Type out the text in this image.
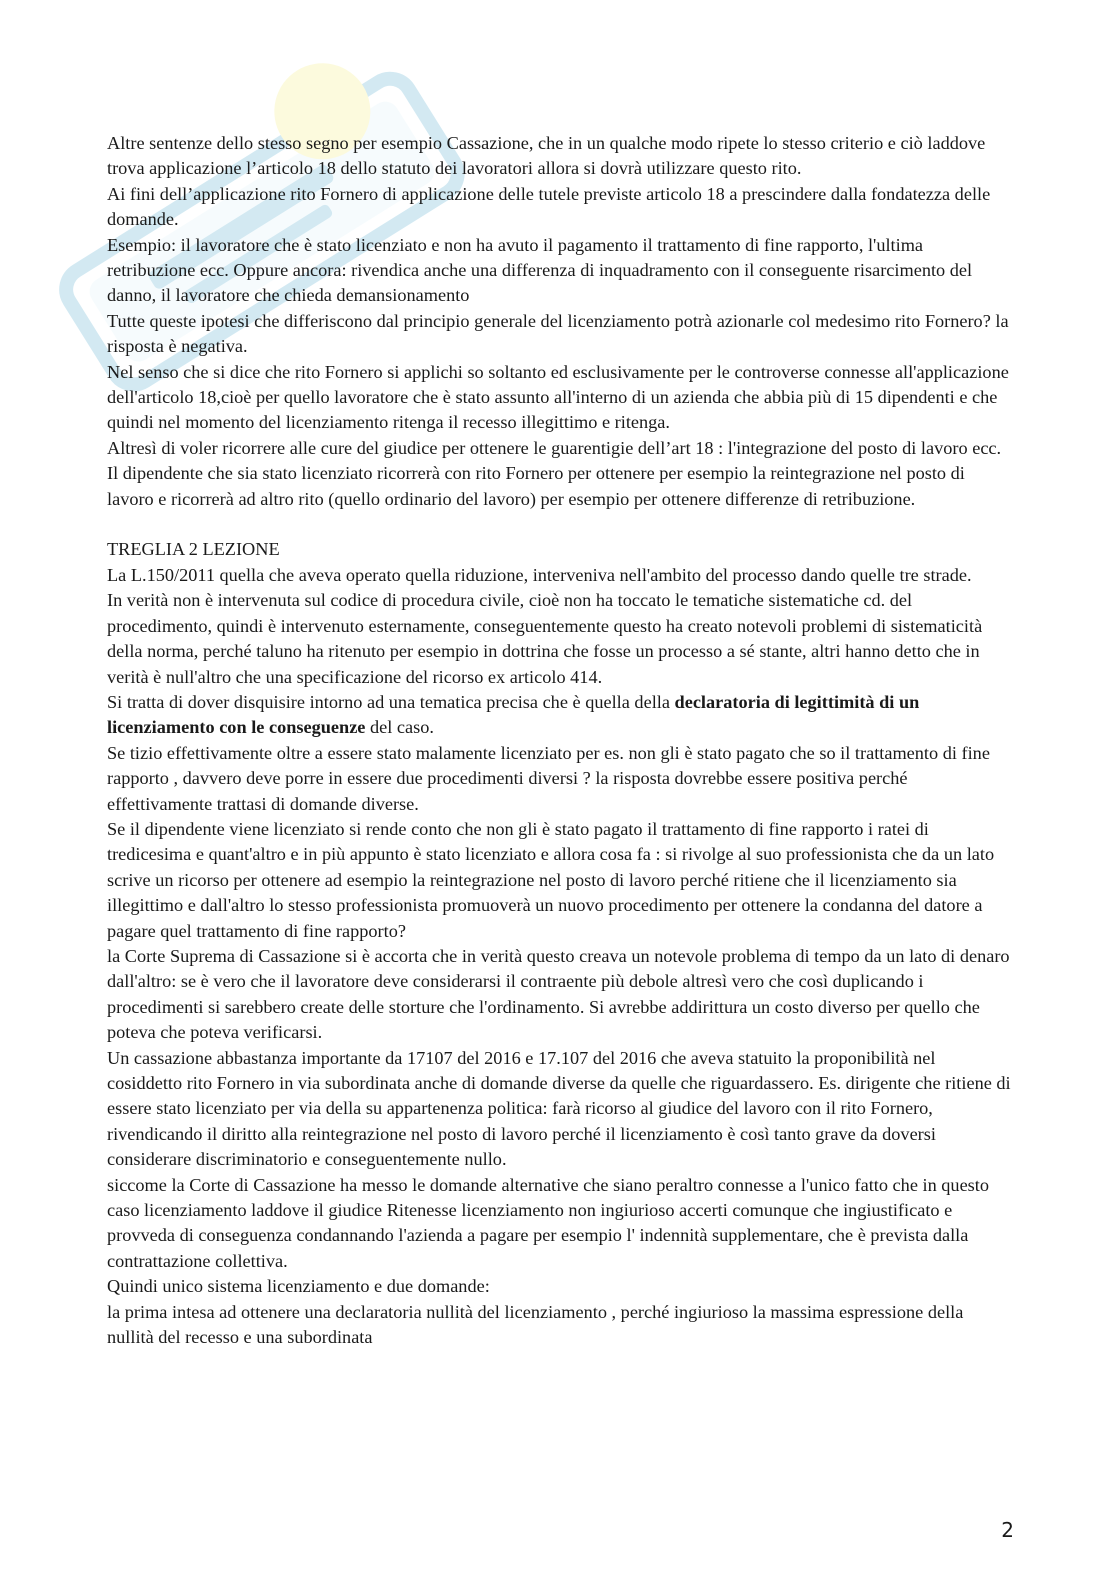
Altre sentenze dello stesso segno per esempio Cassazione, che in un qualche modo ripete lo stesso criterio e ciò laddove trova applicazione l’articolo 18 dello statuto dei lavoratori allora si dovrà utilizzare questo rito.

Ai fini dell’applicazione rito Fornero di applicazione delle tutele previste articolo 18 a prescindere dalla fondatezza delle domande.

Esempio: il lavoratore che è stato licenziato e non ha avuto il pagamento il trattamento di fine rapporto, l'ultima retribuzione ecc. Oppure ancora: rivendica anche una differenza di inquadramento con il conseguente risarcimento del danno, il lavoratore che chieda demansionamento

Tutte queste ipotesi che differiscono dal principio generale del licenziamento potrà azionarle col medesimo rito Fornero? la risposta è negativa.

Nel senso che si dice che rito Fornero si applichi so soltanto ed esclusivamente per le controverse connesse all'applicazione dell'articolo 18,cioè per quello lavoratore che è stato assunto all'interno di un azienda che abbia più di 15 dipendenti e che quindi nel momento del licenziamento ritenga il recesso illegittimo e ritenga.

Altresì di voler ricorrere alle cure del giudice per ottenere le guarentigie dell’art 18 : l'integrazione del posto di lavoro ecc.

Il dipendente che sia stato licenziato ricorrerà con rito Fornero per ottenere per esempio la reintegrazione nel posto di lavoro e ricorrerà ad altro rito (quello ordinario del lavoro) per esempio per ottenere differenze di retribuzione.

TREGLIA 2 LEZIONE

La L.150/2011 quella che aveva operato quella riduzione, interveniva nell'ambito del processo dando quelle tre strade.

In verità non è intervenuta sul codice di procedura civile, cioè non ha toccato le tematiche sistematiche cd. del procedimento, quindi è intervenuto esternamente, conseguentemente questo ha creato notevoli problemi di sistematicità della norma, perché taluno ha ritenuto per esempio in dottrina che fosse un processo a sé stante, altri hanno detto che in verità è null'altro che una specificazione del ricorso ex articolo 414.

Si tratta di dover disquisire intorno ad una tematica precisa che è quella della declaratoria di legittimità di un licenziamento con le conseguenze del caso.

Se tizio effettivamente oltre a essere stato malamente licenziato per es. non gli è stato pagato che so il trattamento di fine rapporto , davvero deve porre in essere due procedimenti diversi ? la risposta dovrebbe essere positiva perché effettivamente trattasi di domande diverse.

Se il dipendente viene licenziato si rende conto che non gli è stato pagato il trattamento di fine rapporto i ratei di tredicesima e quant'altro e in più appunto è stato licenziato e allora cosa fa : si rivolge al suo professionista che da un lato scrive un ricorso per ottenere ad esempio la reintegrazione nel posto di lavoro perché ritiene che il licenziamento sia illegittimo e dall'altro lo stesso professionista promuoverà un nuovo procedimento per ottenere la condanna del datore a pagare quel trattamento di fine rapporto?

la Corte Suprema di Cassazione si è accorta che in verità questo creava un notevole problema di tempo da un lato di denaro dall'altro: se è vero che il lavoratore deve considerarsi il contraente più debole altresì vero che così duplicando i procedimenti si sarebbero create delle storture che l'ordinamento. Si avrebbe addirittura un costo diverso per quello che poteva che poteva verificarsi.

Un cassazione abbastanza importante da 17107 del 2016 e 17.107 del 2016 che aveva statuito la proponibilità nel cosiddetto rito Fornero in via subordinata anche di domande diverse da quelle che riguardassero. Es. dirigente che ritiene di essere stato licenziato per via della su appartenenza politica: farà ricorso al giudice del lavoro con il rito Fornero, rivendicando il diritto alla reintegrazione nel posto di lavoro perché il licenziamento è così tanto grave da doversi considerare discriminatorio e conseguentemente nullo.

siccome la Corte di Cassazione ha messo le domande alternative che siano peraltro connesse a l'unico fatto che in questo caso licenziamento laddove il giudice Ritenesse licenziamento non ingiurioso accerti comunque che ingiustificato e provveda di conseguenza condannando l'azienda a pagare per esempio l' indennità supplementare, che è prevista dalla contrattazione collettiva.

Quindi unico sistema licenziamento e due domande:

la prima intesa ad ottenere una declaratoria nullità del licenziamento , perché ingiurioso la massima espressione della nullità del recesso e una subordinata

2
